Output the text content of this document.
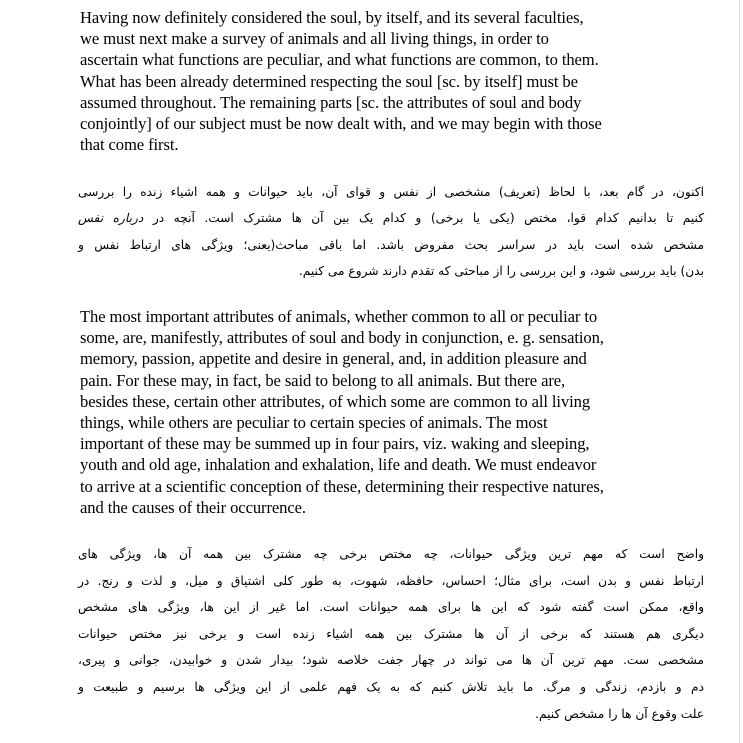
Having now definitely considered the soul, by itself, and its several faculties,
we must next make a survey of animals and all living things, in order to
ascertain what functions are peculiar, and what functions are common, to them.
What has been already determined respecting the soul [sc. by itself] must be
assumed throughout. The remaining parts [sc. the attributes of soul and body
conjointly] of our subject must be now dealt with, and we may begin with those
that come first.
اکنون، در گام بعد، با لحاظ (تعریف) مشخصی از نفس و قوای آن، باید حیوانات و همه اشیاء زنده را بررسی
کنیم تا بدانیم کدام قوا، مختص (یکی یا برخی) و کدام یک بین آن ها مشترک است. آنچه در درباره نفس
مشخص شده است باید در سراسر بحث مفروض باشد. اما باقی مباحث(یعنی؛ ویژگی های ارتباط نفس و
بدن) باید بررسی شود، و این بررسی را از مباحثی که تقدم دارند شروع می کنیم.
The most important attributes of animals, whether common to all or peculiar to
some, are, manifestly, attributes of soul and body in conjunction, e. g. sensation,
memory, passion, appetite and desire in general, and, in addition pleasure and
pain. For these may, in fact, be said to belong to all animals. But there are,
besides these, certain other attributes, of which some are common to all living
things, while others are peculiar to certain species of animals. The most
important of these may be summed up in four pairs, viz. waking and sleeping,
youth and old age, inhalation and exhalation, life and death. We must endeavor
to arrive at a scientific conception of these, determining their respective natures,
and the causes of their occurrence.
واضح است که مهم ترین ویژگی حیوانات، چه مختص برخی چه مشترک بین همه آن ها، ویژگی های
ارتباط نفس و بدن است، برای مثال؛ احساس، حافظه، شهوت، به طور کلی اشتیاق و میل، و لذت و رنج. در
واقع، ممکن است گفته شود که این ها برای همه حیوانات است. اما غیر از این ها، ویژگی های مشخص
دیگری هم هستند که برخی از آن ها مشترک بین همه اشیاء زنده است و برخی نیز مختص حیوانات
مشخصی ست. مهم ترین آن ها می تواند در چهار جفت خلاصه شود؛ بیدار شدن و خوابیدن، جوانی و پیری،
دم و بازدم، زندگی و مرگ. ما باید تلاش کنیم که به یک فهم علمی از این ویژگی ها برسیم و طبیعت و
علت وقوع آن ها را مشخص کنیم.
